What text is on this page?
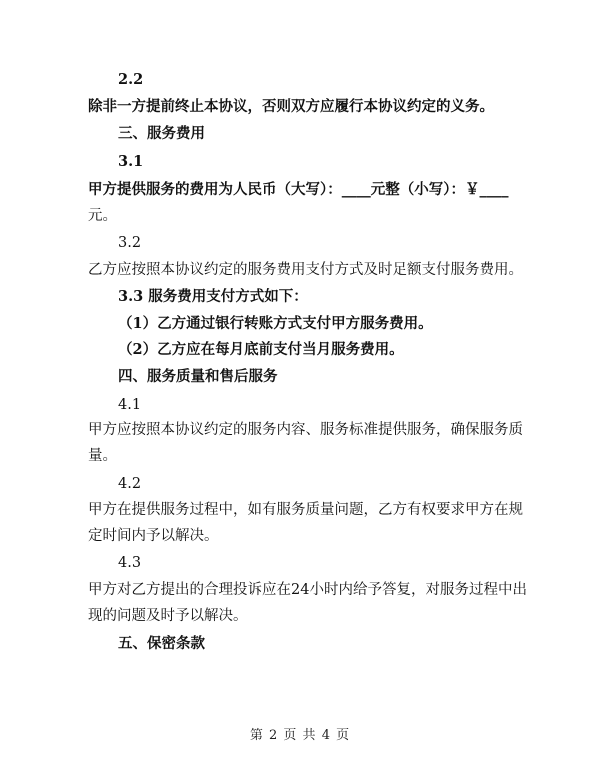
2.2
除非一方提前终止本协议，否则双方应履行本协议约定的义务。
三、服务费用
3.1
甲方提供服务的费用为人民币（大写）：____元整（小写）：￥____
元。
3.2
乙方应按照本协议约定的服务费用支付方式及时足额支付服务费用。
3.3 服务费用支付方式如下：
（1）乙方通过银行转账方式支付甲方服务费用。
（2）乙方应在每月底前支付当月服务费用。
四、服务质量和售后服务
4.1
甲方应按照本协议约定的服务内容、服务标准提供服务，确保服务质
量。
4.2
甲方在提供服务过程中，如有服务质量问题，乙方有权要求甲方在规
定时间内予以解决。
4.3
甲方对乙方提出的合理投诉应在24小时内给予答复，对服务过程中出
现的问题及时予以解决。
五、保密条款
第 2 页 共 4 页
